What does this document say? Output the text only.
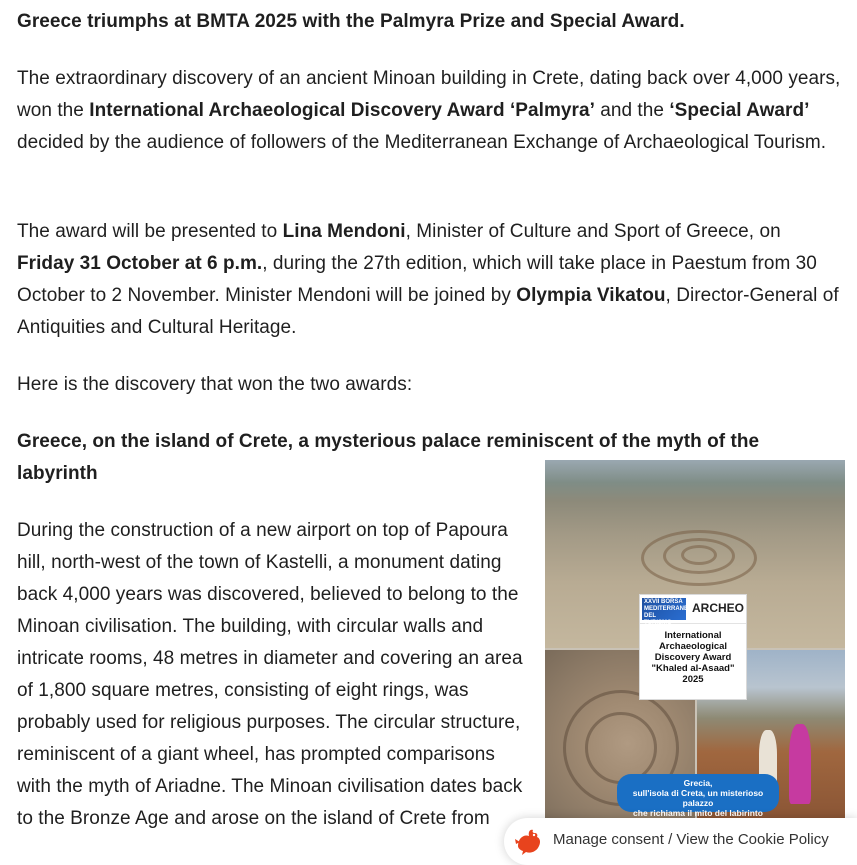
Greece triumphs at BMTA 2025 with the Palmyra Prize and Special Award.

The extraordinary discovery of an ancient Minoan building in Crete, dating back over 4,000 years, won the International Archaeological Discovery Award ‘Palmyra’ and the ‘Special Award’ decided by the audience of followers of the Mediterranean Exchange of Archaeological Tourism.

The award will be presented to Lina Mendoni, Minister of Culture and Sport of Greece, on Friday 31 October at 6 p.m., during the 27th edition, which will take place in Paestum from 30 October to 2 November. Minister Mendoni will be joined by Olympia Vikatou, Director-General of Antiquities and Cultural Heritage.

Here is the discovery that won the two awards:

Greece, on the island of Crete, a mysterious palace reminiscent of the myth of the labyrinth

During the construction of a new airport on top of Papoura hill, north-west of the town of Kastelli, a monument dating back 4,000 years was discovered, believed to belong to the Minoan civilisation. The building, with circular walls and intricate rooms, 48 metres in diameter and covering an area of 1,800 square metres, consisting of eight rings, was probably used for religious purposes. The circular structure, reminiscent of a giant wheel, has prompted comparisons with the myth of Ariadne. The Minoan civilisation dates back to the Bronze Age and arose on the island of Crete from

XXVII BORSA MEDITERRANEA DEL TURISMO ARCHEOLOGICO
ARCHEO
International
Archaeological
Discovery Award
"Khaled al-Asaad"
2025
Grecia,
sull'isola di Creta, un misterioso palazzo
che richiama il mito del labirinto
Manage consent / View the Cookie Policy
